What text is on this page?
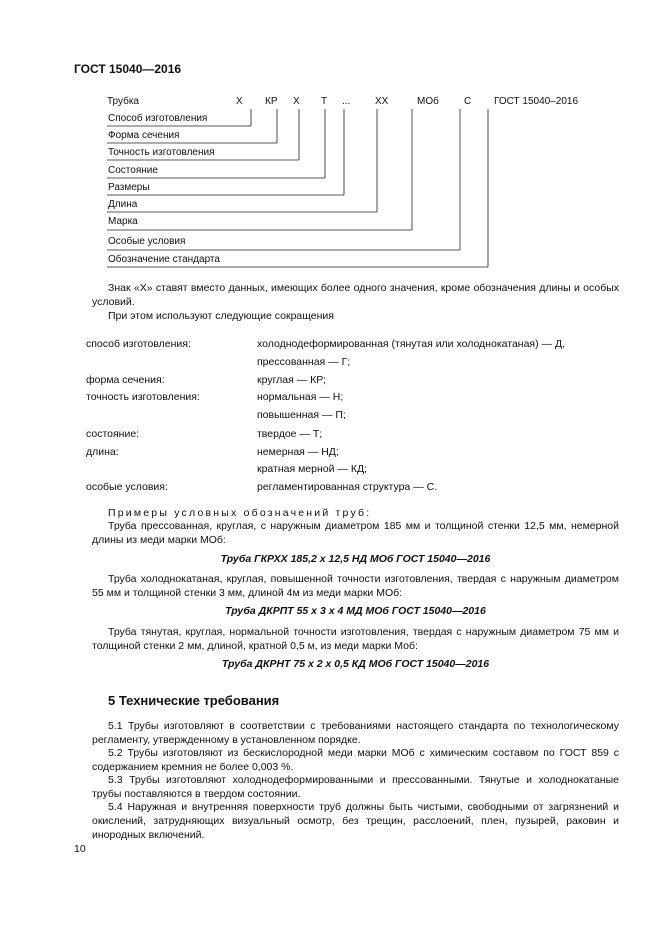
ГОСТ 15040—2016
Трубка	Х КР Х Т ... ХХ	МОб	С ГОСТ 15040–2016
Способ изготовления
Форма сечения
Точность изготовления
Состояние
Размеры
Длина
Марка
Особые условия
Обозначение стандарта
Знак «Х» ставят вместо данных, имеющих более одного значения, кроме обозначения длины и особых условий.
При этом используют следующие сокращения
способ изготовления:	холоднодеформированная (тянутая или холоднокатаная) — Д,
прессованная — Г;
форма сечения:	круглая — КР;
точность изготовления:	нормальная — Н;
повышенная — П;
состояние:	твердое — Т;
длина:	немерная — НД;
кратная мерной — КД;
особые условия:	регламентированная структура — С.
Примеры условных обозначений труб:
Труба прессованная, круглая, с наружным диаметром 185 мм и толщиной стенки 12,5 мм, немерной длины из меди марки МОб:
Труба ГКРХХ 185,2 х 12,5 НД МОб ГОСТ 15040—2016
Труба холоднокатаная, круглая, повышенной точности изготовления, твердая с наружным диаметром 55 мм и толщиной стенки 3 мм, длиной 4м из меди марки МОб:
Труба ДКРПТ 55 х 3 х 4 МД МОб ГОСТ 15040—2016
Труба тянутая, круглая, нормальной точности изготовления, твердая с наружным диаметром 75 мм и толщиной стенки 2 мм, длиной, кратной 0,5 м, из меди марки Моб:
Труба ДКРНТ 75 х 2 х 0,5 КД МОб ГОСТ 15040—2016
5 Технические требования
5.1 Трубы изготовляют в соответствии с требованиями настоящего стандарта по технологическому регламенту, утвержденному в установленном порядке.
5.2 Трубы изготовляют из бескислородной меди марки МОб с химическим составом по ГОСТ 859 с содержанием кремния не более 0,003 %.
5.3 Трубы изготовляют холоднодеформированными и прессованными. Тянутые и холоднокатаные трубы поставляются в твердом состоянии.
5.4 Наружная и внутренняя поверхности труб должны быть чистыми, свободными от загрязнений и окислений, затрудняющих визуальный осмотр, без трещин, расслоений, плен, пузырей, раковин и инородных включений.
10
